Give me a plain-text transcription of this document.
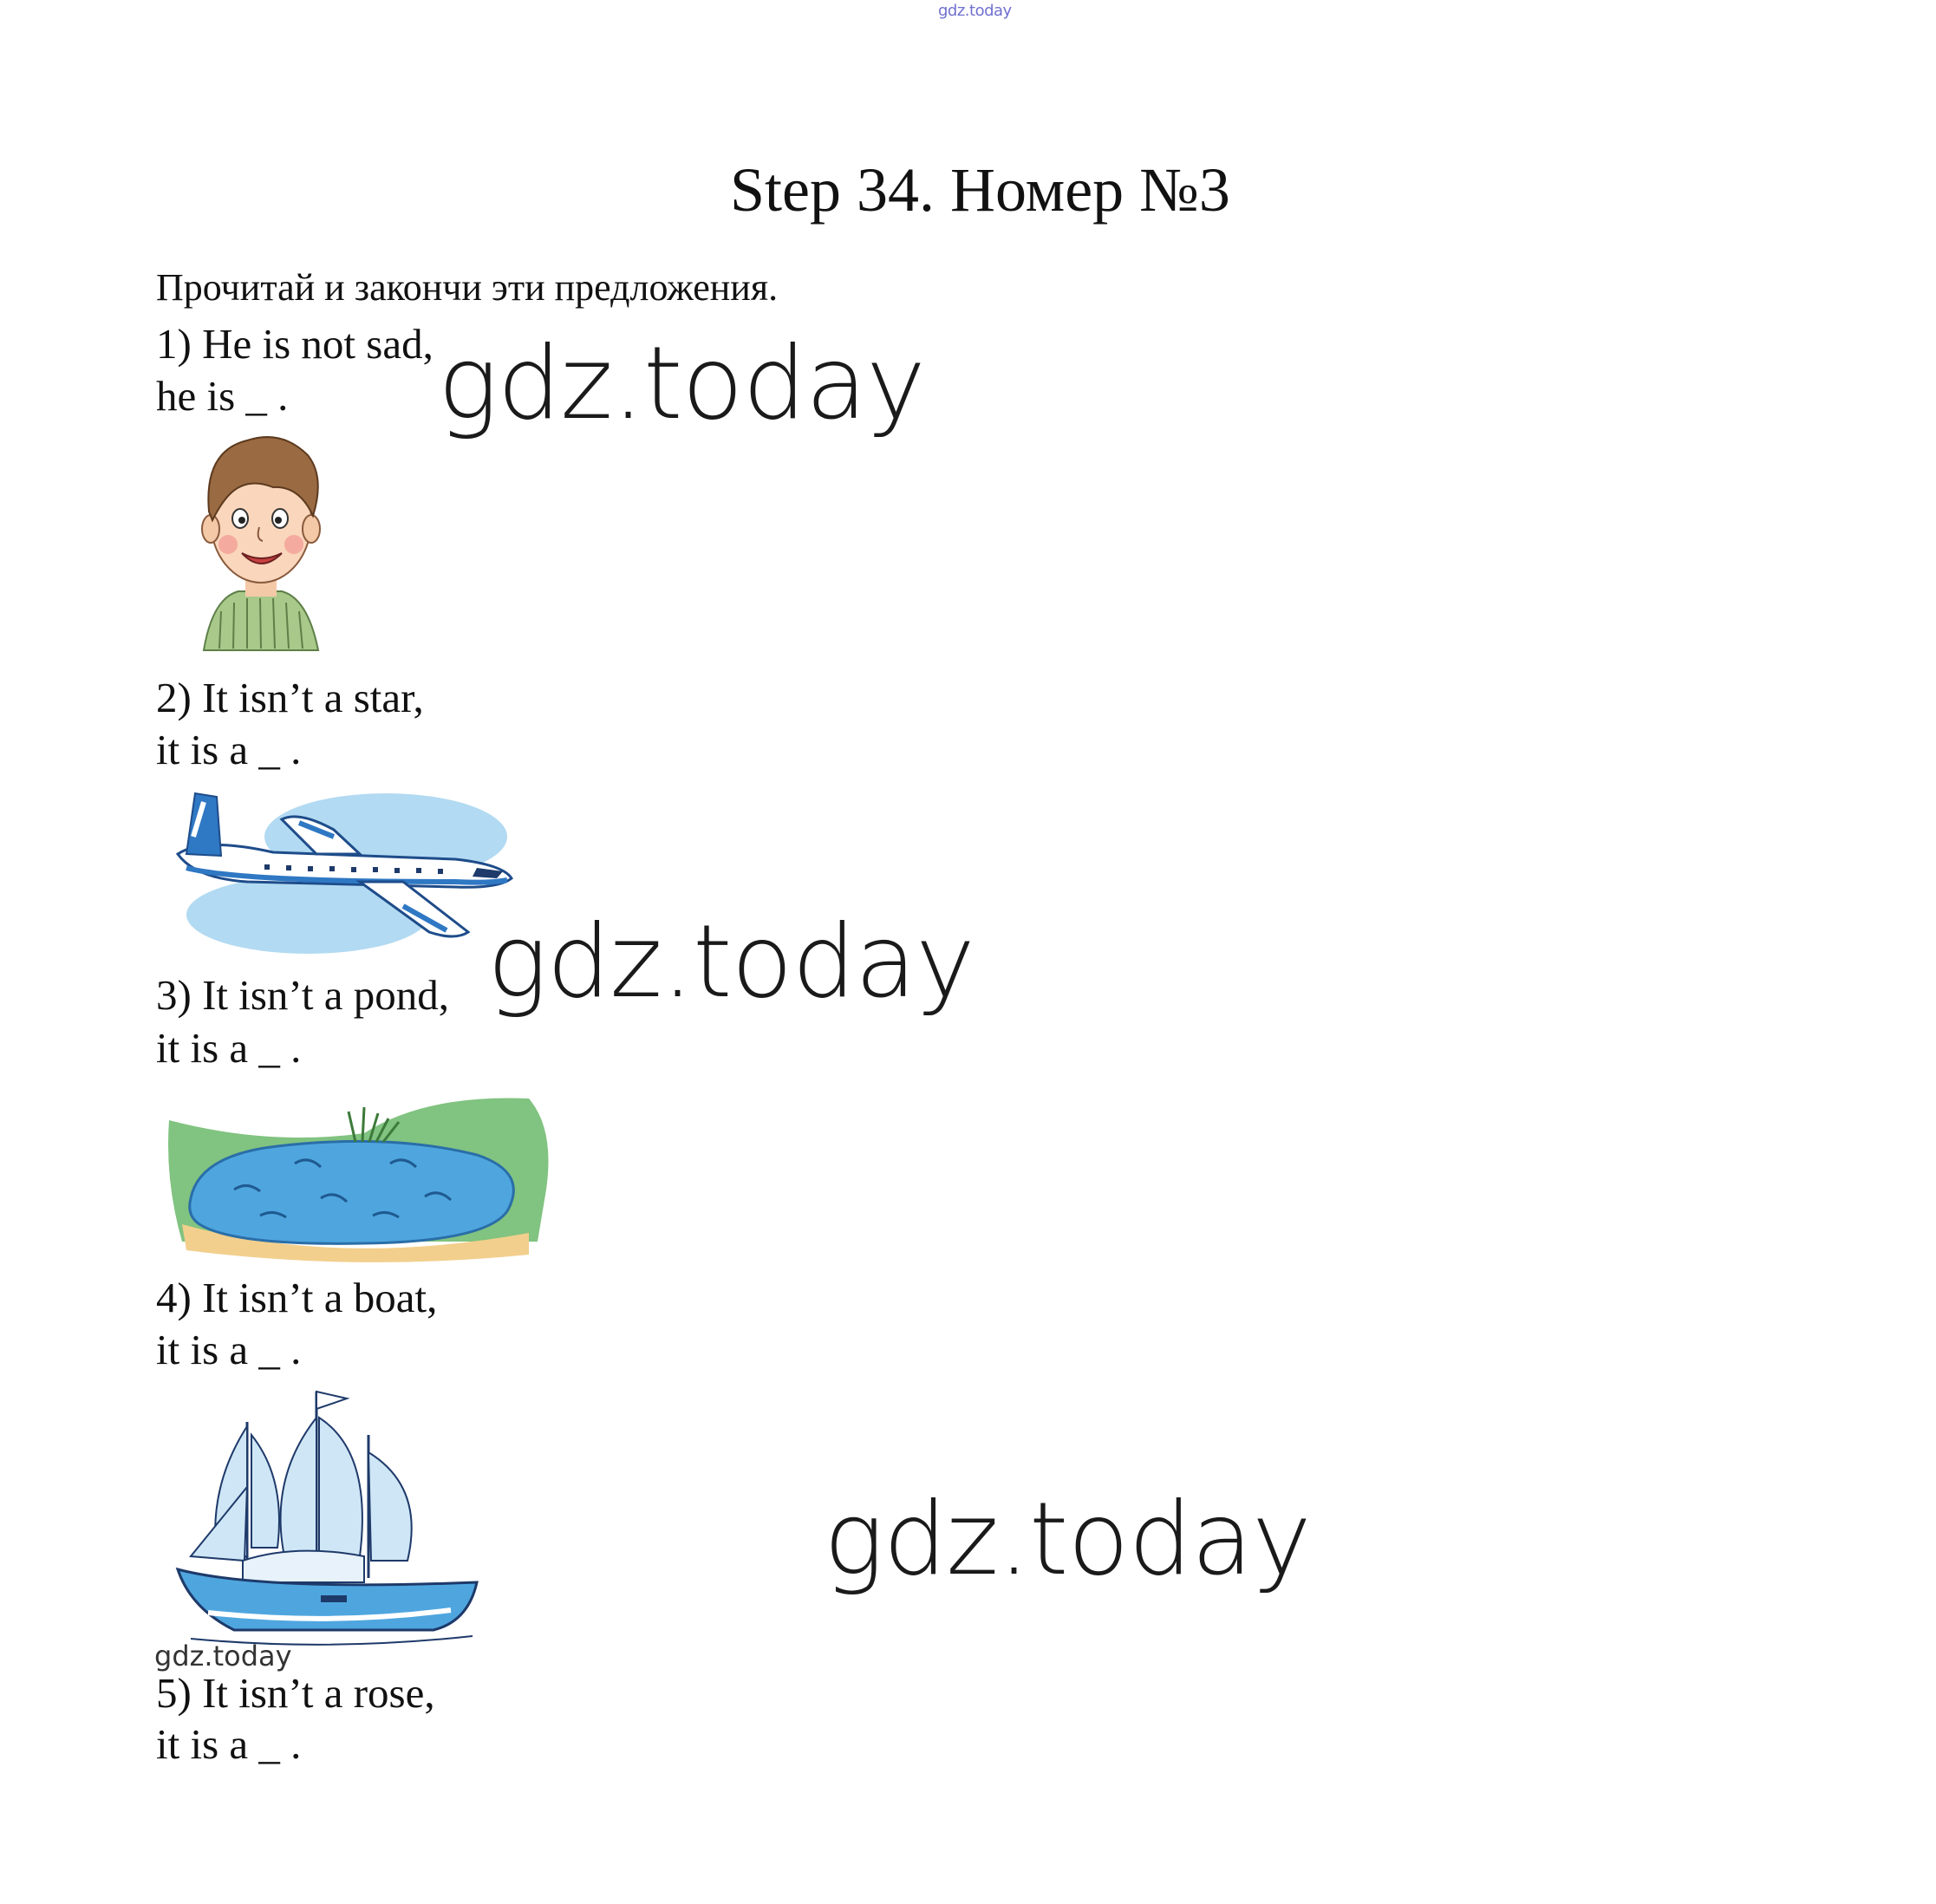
gdz.today
Step 34. Номер №3
Прочитай и закончи эти предложения.
1) He is not sad,
he is _ . gdz.today
2) It isn’t a star,
it is a _ .
3) It isn’t a pond,
it is a _ .
gdz.today
4) It isn’t a boat,
it is a _ .
gdz.today
gdz.today
5) It isn’t a rose,
it is a _ .
